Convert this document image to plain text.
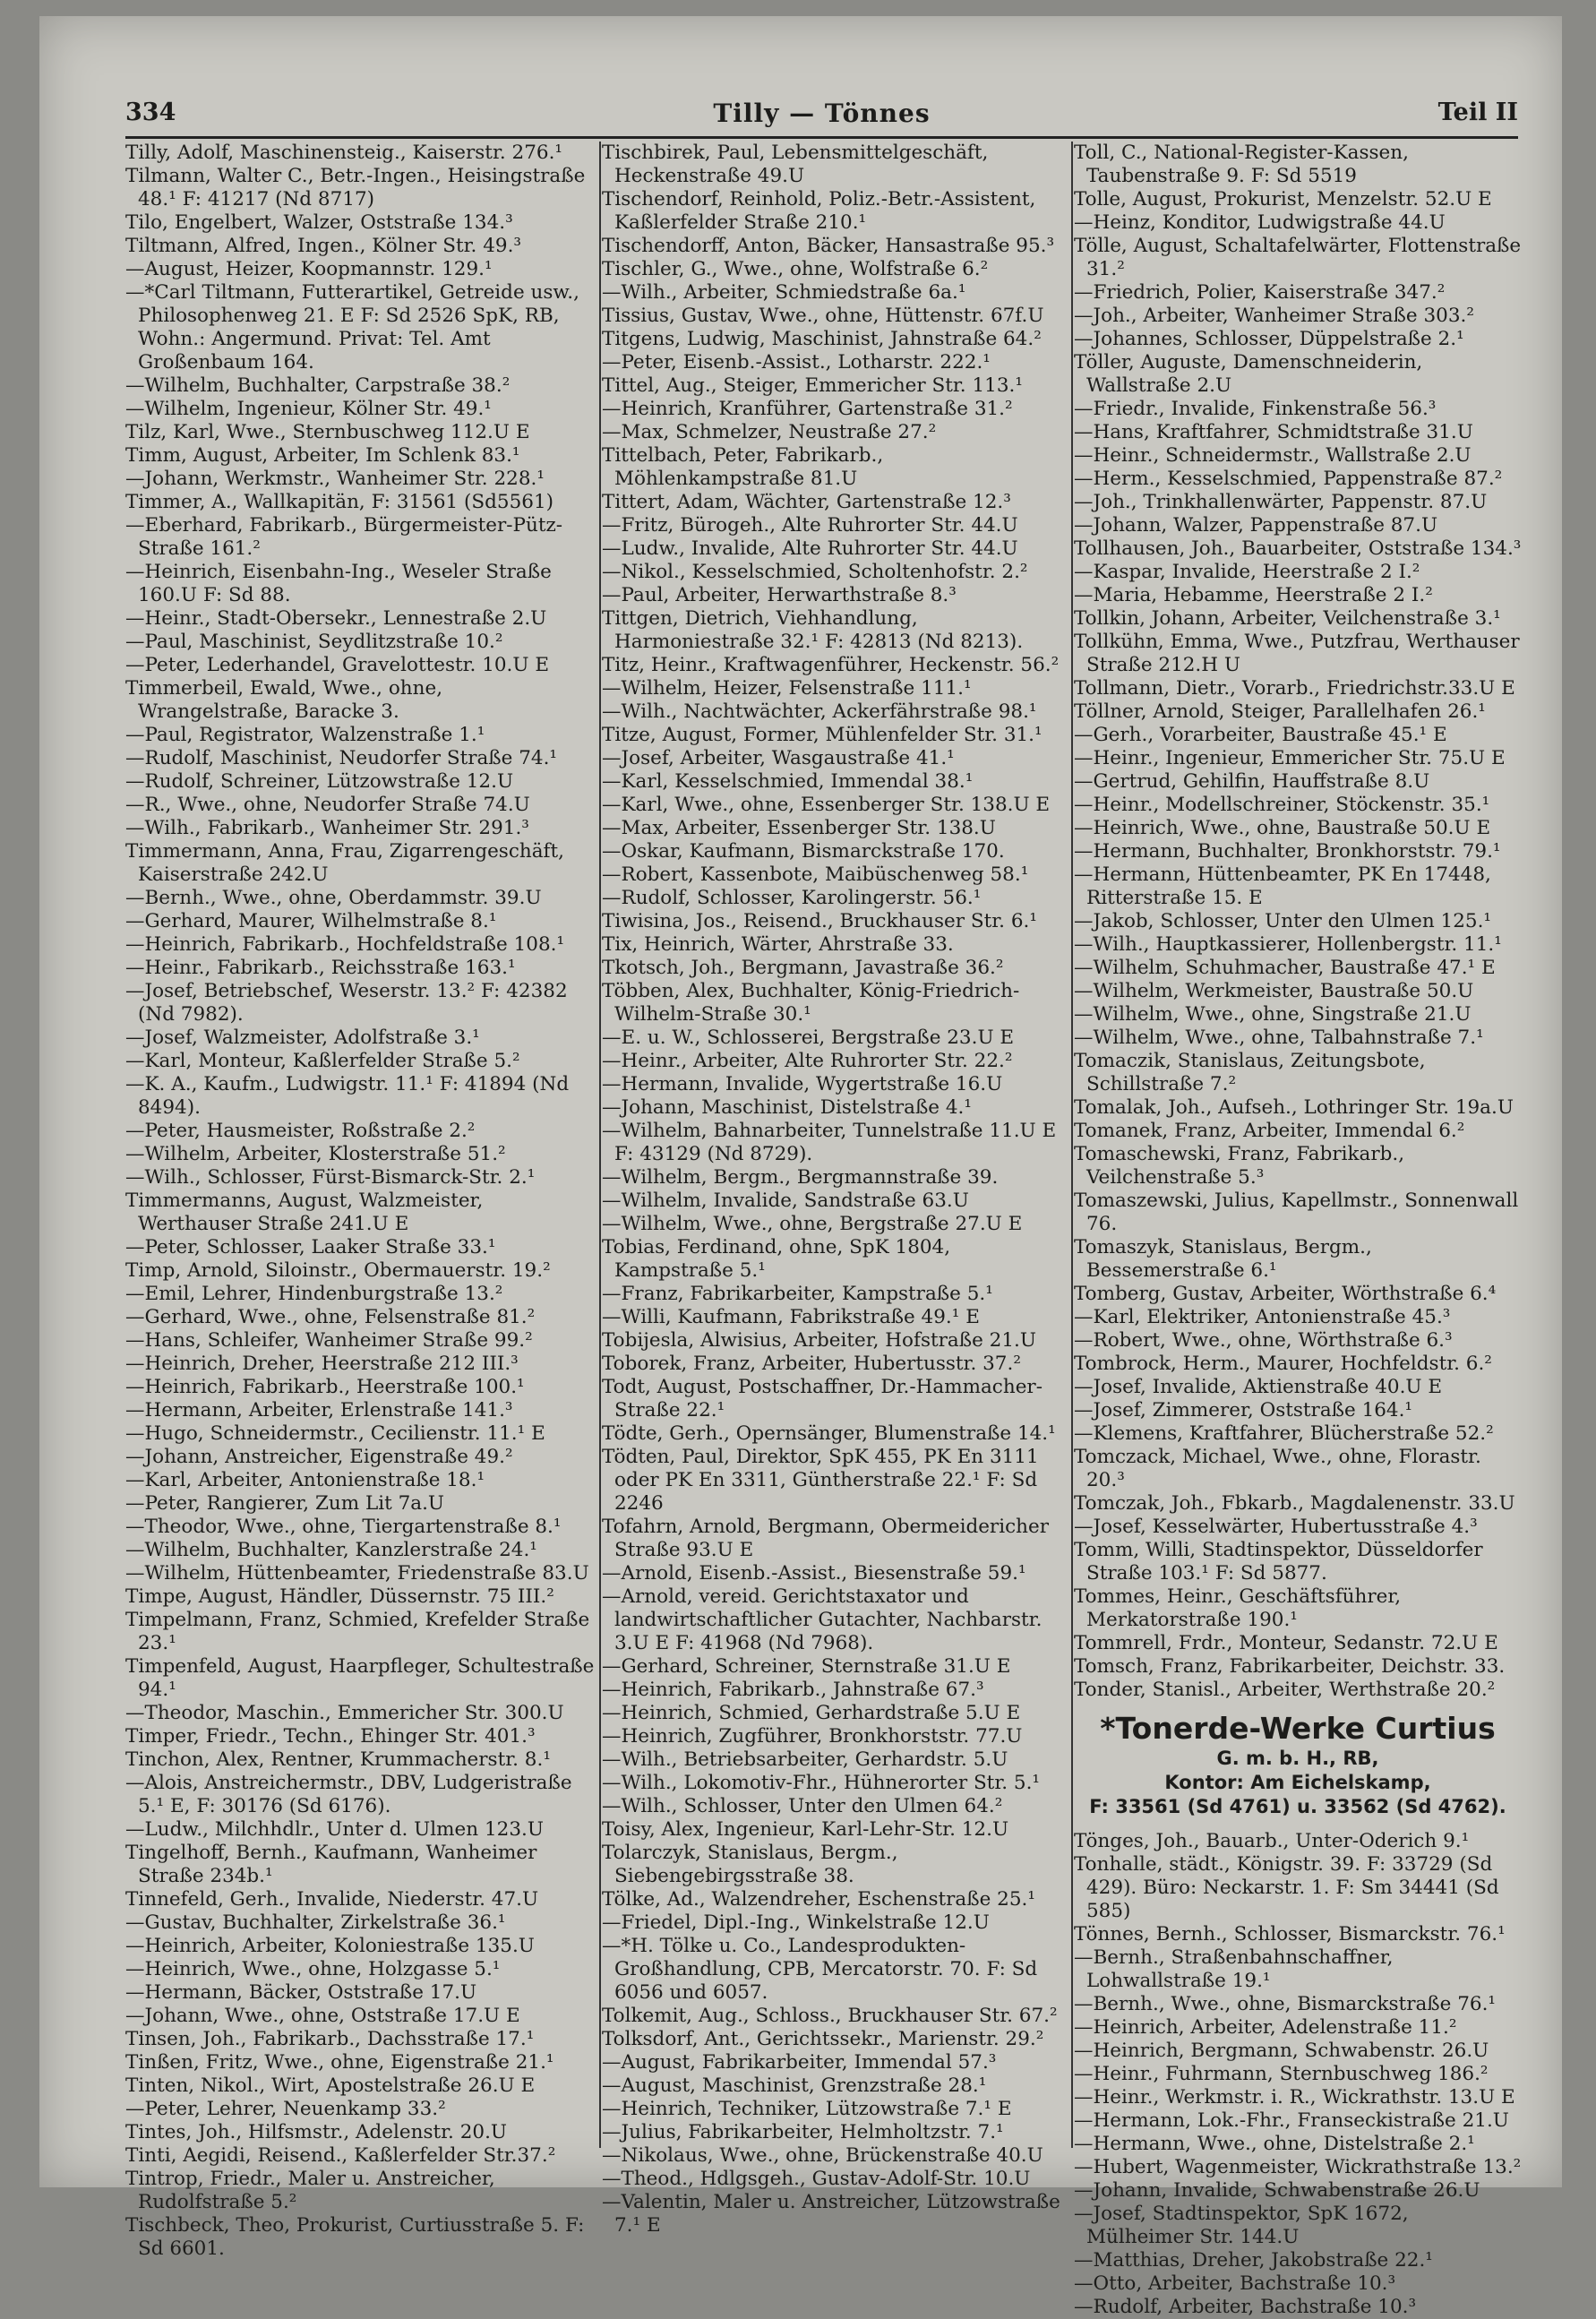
334	Tilly — Tönnes	Teil II

Tilly, Adolf, Maschinensteig., Kaiserstr. 276.¹

Tilmann, Walter C., Betr.-Ingen., Heisingstraße 48.¹ F: 41217 (Nd 8717)

Tilo, Engelbert, Walzer, Oststraße 134.³

Tiltmann, Alfred, Ingen., Kölner Str. 49.³

—August, Heizer, Koopmannstr. 129.¹

—*Carl Tiltmann, Futterartikel, Getreide usw., Philosophenweg 21. E F: Sd 2526 SpK, RB, Wohn.: Angermund. Privat: Tel. Amt Großenbaum 164.

—Wilhelm, Buchhalter, Carpstraße 38.²

—Wilhelm, Ingenieur, Kölner Str. 49.¹

Tilz, Karl, Wwe., Sternbuschweg 112.U E

Timm, August, Arbeiter, Im Schlenk 83.¹

—Johann, Werkmstr., Wanheimer Str. 228.¹

Timmer, A., Wallkapitän, F: 31561 (Sd5561)

—Eberhard, Fabrikarb., Bürgermeister-Pütz-Straße 161.²

—Heinrich, Eisenbahn-Ing., Weseler Straße 160.U F: Sd 88.

—Heinr., Stadt-Obersekr., Lennestraße 2.U

—Paul, Maschinist, Seydlitzstraße 10.²

—Peter, Lederhandel, Gravelottestr. 10.U E

Timmerbeil, Ewald, Wwe., ohne, Wrangelstraße, Baracke 3.

—Paul, Registrator, Walzenstraße 1.¹

—Rudolf, Maschinist, Neudorfer Straße 74.¹

—Rudolf, Schreiner, Lützowstraße 12.U

—R., Wwe., ohne, Neudorfer Straße 74.U

—Wilh., Fabrikarb., Wanheimer Str. 291.³

Timmermann, Anna, Frau, Zigarrengeschäft, Kaiserstraße 242.U

—Bernh., Wwe., ohne, Oberdammstr. 39.U

—Gerhard, Maurer, Wilhelmstraße 8.¹

—Heinrich, Fabrikarb., Hochfeldstraße 108.¹

—Heinr., Fabrikarb., Reichsstraße 163.¹

—Josef, Betriebschef, Weserstr. 13.² F: 42382 (Nd 7982).

—Josef, Walzmeister, Adolfstraße 3.¹

—Karl, Monteur, Kaßlerfelder Straße 5.²

—K. A., Kaufm., Ludwigstr. 11.¹ F: 41894 (Nd 8494).

—Peter, Hausmeister, Roßstraße 2.²

—Wilhelm, Arbeiter, Klosterstraße 51.²

—Wilh., Schlosser, Fürst-Bismarck-Str. 2.¹

Timmermanns, August, Walzmeister, Werthauser Straße 241.U E

—Peter, Schlosser, Laaker Straße 33.¹

Timp, Arnold, Siloinstr., Obermauerstr. 19.²

—Emil, Lehrer, Hindenburgstraße 13.²

—Gerhard, Wwe., ohne, Felsenstraße 81.²

—Hans, Schleifer, Wanheimer Straße 99.²

—Heinrich, Dreher, Heerstraße 212 III.³

—Heinrich, Fabrikarb., Heerstraße 100.¹

—Hermann, Arbeiter, Erlenstraße 141.³

—Hugo, Schneidermstr., Cecilienstr. 11.¹ E

—Johann, Anstreicher, Eigenstraße 49.²

—Karl, Arbeiter, Antonienstraße 18.¹

—Peter, Rangierer, Zum Lit 7a.U

—Theodor, Wwe., ohne, Tiergartenstraße 8.¹

—Wilhelm, Buchhalter, Kanzlerstraße 24.¹

—Wilhelm, Hüttenbeamter, Friedenstraße 83.U

Timpe, August, Händler, Düssernstr. 75 III.²

Timpelmann, Franz, Schmied, Krefelder Straße 23.¹

Timpenfeld, August, Haarpfleger, Schultestraße 94.¹

—Theodor, Maschin., Emmericher Str. 300.U

Timper, Friedr., Techn., Ehinger Str. 401.³

Tinchon, Alex, Rentner, Krummacherstr. 8.¹

—Alois, Anstreichermstr., DBV, Ludgeristraße 5.¹ E, F: 30176 (Sd 6176).

—Ludw., Milchhdlr., Unter d. Ulmen 123.U

Tingelhoff, Bernh., Kaufmann, Wanheimer Straße 234b.¹

Tinnefeld, Gerh., Invalide, Niederstr. 47.U

—Gustav, Buchhalter, Zirkelstraße 36.¹

—Heinrich, Arbeiter, Koloniestraße 135.U

—Heinrich, Wwe., ohne, Holzgasse 5.¹

—Hermann, Bäcker, Oststraße 17.U

—Johann, Wwe., ohne, Oststraße 17.U E

Tinsen, Joh., Fabrikarb., Dachsstraße 17.¹

Tinßen, Fritz, Wwe., ohne, Eigenstraße 21.¹

Tinten, Nikol., Wirt, Apostelstraße 26.U E

—Peter, Lehrer, Neuenkamp 33.²

Tintes, Joh., Hilfsmstr., Adelenstr. 20.U

Tinti, Aegidi, Reisend., Kaßlerfelder Str.37.²

Tintrop, Friedr., Maler u. Anstreicher, Rudolfstraße 5.²

Tischbeck, Theo, Prokurist, Curtiusstraße 5. F: Sd 6601.

Tischbirek, Paul, Lebensmittelgeschäft, Heckenstraße 49.U

Tischendorf, Reinhold, Poliz.-Betr.-Assistent, Kaßlerfelder Straße 210.¹

Tischendorff, Anton, Bäcker, Hansastraße 95.³

Tischler, G., Wwe., ohne, Wolfstraße 6.²

—Wilh., Arbeiter, Schmiedstraße 6a.¹

Tissius, Gustav, Wwe., ohne, Hüttenstr. 67f.U

Titgens, Ludwig, Maschinist, Jahnstraße 64.²

—Peter, Eisenb.-Assist., Lotharstr. 222.¹

Tittel, Aug., Steiger, Emmericher Str. 113.¹

—Heinrich, Kranführer, Gartenstraße 31.²

—Max, Schmelzer, Neustraße 27.²

Tittelbach, Peter, Fabrikarb., Möhlenkampstraße 81.U

Tittert, Adam, Wächter, Gartenstraße 12.³

—Fritz, Bürogeh., Alte Ruhrorter Str. 44.U

—Ludw., Invalide, Alte Ruhrorter Str. 44.U

—Nikol., Kesselschmied, Scholtenhofstr. 2.²

—Paul, Arbeiter, Herwarthstraße 8.³

Tittgen, Dietrich, Viehhandlung, Harmoniestraße 32.¹ F: 42813 (Nd 8213).

Titz, Heinr., Kraftwagenführer, Heckenstr. 56.²

—Wilhelm, Heizer, Felsenstraße 111.¹

—Wilh., Nachtwächter, Ackerfährstraße 98.¹

Titze, August, Former, Mühlenfelder Str. 31.¹

—Josef, Arbeiter, Wasgaustraße 41.¹

—Karl, Kesselschmied, Immendal 38.¹

—Karl, Wwe., ohne, Essenberger Str. 138.U E

—Max, Arbeiter, Essenberger Str. 138.U

—Oskar, Kaufmann, Bismarckstraße 170.

—Robert, Kassenbote, Maibüschenweg 58.¹

—Rudolf, Schlosser, Karolingerstr. 56.¹

Tiwisina, Jos., Reisend., Bruckhauser Str. 6.¹

Tix, Heinrich, Wärter, Ahrstraße 33.

Tkotsch, Joh., Bergmann, Javastraße 36.²

Többen, Alex, Buchhalter, König-Friedrich-Wilhelm-Straße 30.¹

—E. u. W., Schlosserei, Bergstraße 23.U E

—Heinr., Arbeiter, Alte Ruhrorter Str. 22.²

—Hermann, Invalide, Wygertstraße 16.U

—Johann, Maschinist, Distelstraße 4.¹

—Wilhelm, Bahnarbeiter, Tunnelstraße 11.U E F: 43129 (Nd 8729).

—Wilhelm, Bergm., Bergmannstraße 39.

—Wilhelm, Invalide, Sandstraße 63.U

—Wilhelm, Wwe., ohne, Bergstraße 27.U E

Tobias, Ferdinand, ohne, SpK 1804, Kampstraße 5.¹

—Franz, Fabrikarbeiter, Kampstraße 5.¹

—Willi, Kaufmann, Fabrikstraße 49.¹ E

Tobijesla, Alwisius, Arbeiter, Hofstraße 21.U

Toborek, Franz, Arbeiter, Hubertusstr. 37.²

Todt, August, Postschaffner, Dr.-Hammacher-Straße 22.¹

Tödte, Gerh., Opernsänger, Blumenstraße 14.¹

Tödten, Paul, Direktor, SpK 455, PK En 3111 oder PK En 3311, Güntherstraße 22.¹ F: Sd 2246

Tofahrn, Arnold, Bergmann, Obermeidericher Straße 93.U E

—Arnold, Eisenb.-Assist., Biesenstraße 59.¹

—Arnold, vereid. Gerichtstaxator und landwirtschaftlicher Gutachter, Nachbarstr. 3.U E F: 41968 (Nd 7968).

—Gerhard, Schreiner, Sternstraße 31.U E

—Heinrich, Fabrikarb., Jahnstraße 67.³

—Heinrich, Schmied, Gerhardstraße 5.U E

—Heinrich, Zugführer, Bronkhorststr. 77.U

—Wilh., Betriebsarbeiter, Gerhardstr. 5.U

—Wilh., Lokomotiv-Fhr., Hühnerorter Str. 5.¹

—Wilh., Schlosser, Unter den Ulmen 64.²

Toisy, Alex, Ingenieur, Karl-Lehr-Str. 12.U

Tolarczyk, Stanislaus, Bergm., Siebengebirgsstraße 38.

Tölke, Ad., Walzendreher, Eschenstraße 25.¹

—Friedel, Dipl.-Ing., Winkelstraße 12.U

—*H. Tölke u. Co., Landesprodukten-Großhandlung, CPB, Mercatorstr. 70. F: Sd 6056 und 6057.

Tolkemit, Aug., Schloss., Bruckhauser Str. 67.²

Tolksdorf, Ant., Gerichtssekr., Marienstr. 29.²

—August, Fabrikarbeiter, Immendal 57.³

—August, Maschinist, Grenzstraße 28.¹

—Heinrich, Techniker, Lützowstraße 7.¹ E

—Julius, Fabrikarbeiter, Helmholtzstr. 7.¹

—Nikolaus, Wwe., ohne, Brückenstraße 40.U

—Theod., Hdlgsgeh., Gustav-Adolf-Str. 10.U

—Valentin, Maler u. Anstreicher, Lützowstraße 7.¹ E

Toll, C., National-Register-Kassen, Taubenstraße 9. F: Sd 5519

Tolle, August, Prokurist, Menzelstr. 52.U E

—Heinz, Konditor, Ludwigstraße 44.U

Tölle, August, Schaltafelwärter, Flottenstraße 31.²

—Friedrich, Polier, Kaiserstraße 347.²

—Joh., Arbeiter, Wanheimer Straße 303.²

—Johannes, Schlosser, Düppelstraße 2.¹

Töller, Auguste, Damenschneiderin, Wallstraße 2.U

—Friedr., Invalide, Finkenstraße 56.³

—Hans, Kraftfahrer, Schmidtstraße 31.U

—Heinr., Schneidermstr., Wallstraße 2.U

—Herm., Kesselschmied, Pappenstraße 87.²

—Joh., Trinkhallenwärter, Pappenstr. 87.U

—Johann, Walzer, Pappenstraße 87.U

Tollhausen, Joh., Bauarbeiter, Oststraße 134.³

—Kaspar, Invalide, Heerstraße 2 I.²

—Maria, Hebamme, Heerstraße 2 I.²

Tollkin, Johann, Arbeiter, Veilchenstraße 3.¹

Tollkühn, Emma, Wwe., Putzfrau, Werthauser Straße 212.H U

Tollmann, Dietr., Vorarb., Friedrichstr.33.U E

Töllner, Arnold, Steiger, Parallelhafen 26.¹

—Gerh., Vorarbeiter, Baustraße 45.¹ E

—Heinr., Ingenieur, Emmericher Str. 75.U E

—Gertrud, Gehilfin, Hauffstraße 8.U

—Heinr., Modellschreiner, Stöckenstr. 35.¹

—Heinrich, Wwe., ohne, Baustraße 50.U E

—Hermann, Buchhalter, Bronkhorststr. 79.¹

—Hermann, Hüttenbeamter, PK En 17448, Ritterstraße 15. E

—Jakob, Schlosser, Unter den Ulmen 125.¹

—Wilh., Hauptkassierer, Hollenbergstr. 11.¹

—Wilhelm, Schuhmacher, Baustraße 47.¹ E

—Wilhelm, Werkmeister, Baustraße 50.U

—Wilhelm, Wwe., ohne, Singstraße 21.U

—Wilhelm, Wwe., ohne, Talbahnstraße 7.¹

Tomaczik, Stanislaus, Zeitungsbote, Schillstraße 7.²

Tomalak, Joh., Aufseh., Lothringer Str. 19a.U

Tomanek, Franz, Arbeiter, Immendal 6.²

Tomaschewski, Franz, Fabrikarb., Veilchenstraße 5.³

Tomaszewski, Julius, Kapellmstr., Sonnenwall 76.

Tomaszyk, Stanislaus, Bergm., Bessemerstraße 6.¹

Tomberg, Gustav, Arbeiter, Wörthstraße 6.⁴

—Karl, Elektriker, Antonienstraße 45.³

—Robert, Wwe., ohne, Wörthstraße 6.³

Tombrock, Herm., Maurer, Hochfeldstr. 6.²

—Josef, Invalide, Aktienstraße 40.U E

—Josef, Zimmerer, Oststraße 164.¹

—Klemens, Kraftfahrer, Blücherstraße 52.²

Tomczack, Michael, Wwe., ohne, Florastr. 20.³

Tomczak, Joh., Fbkarb., Magdalenenstr. 33.U

—Josef, Kesselwärter, Hubertusstraße 4.³

Tomm, Willi, Stadtinspektor, Düsseldorfer Straße 103.¹ F: Sd 5877.

Tommes, Heinr., Geschäftsführer, Merkatorstraße 190.¹

Tommrell, Frdr., Monteur, Sedanstr. 72.U E

Tomsch, Franz, Fabrikarbeiter, Deichstr. 33.

Tonder, Stanisl., Arbeiter, Werthstraße 20.²

*Tonerde-Werke Curtius
G. m. b. H., RB,
Kontor: Am Eichelskamp,
F: 33561 (Sd 4761) u. 33562 (Sd 4762).

Tönges, Joh., Bauarb., Unter-Oderich 9.¹

Tonhalle, städt., Königstr. 39. F: 33729 (Sd 429). Büro: Neckarstr. 1. F: Sm 34441 (Sd 585)

Tönnes, Bernh., Schlosser, Bismarckstr. 76.¹

—Bernh., Straßenbahnschaffner, Lohwallstraße 19.¹

—Bernh., Wwe., ohne, Bismarckstraße 76.¹

—Heinrich, Arbeiter, Adelenstraße 11.²

—Heinrich, Bergmann, Schwabenstr. 26.U

—Heinr., Fuhrmann, Sternbuschweg 186.²

—Heinr., Werkmstr. i. R., Wickrathstr. 13.U E

—Hermann, Lok.-Fhr., Franseckistraße 21.U

—Hermann, Wwe., ohne, Distelstraße 2.¹

—Hubert, Wagenmeister, Wickrathstraße 13.²

—Johann, Invalide, Schwabenstraße 26.U

—Josef, Stadtinspektor, SpK 1672, Mülheimer Str. 144.U

—Matthias, Dreher, Jakobstraße 22.¹

—Otto, Arbeiter, Bachstraße 10.³

—Rudolf, Arbeiter, Bachstraße 10.³
